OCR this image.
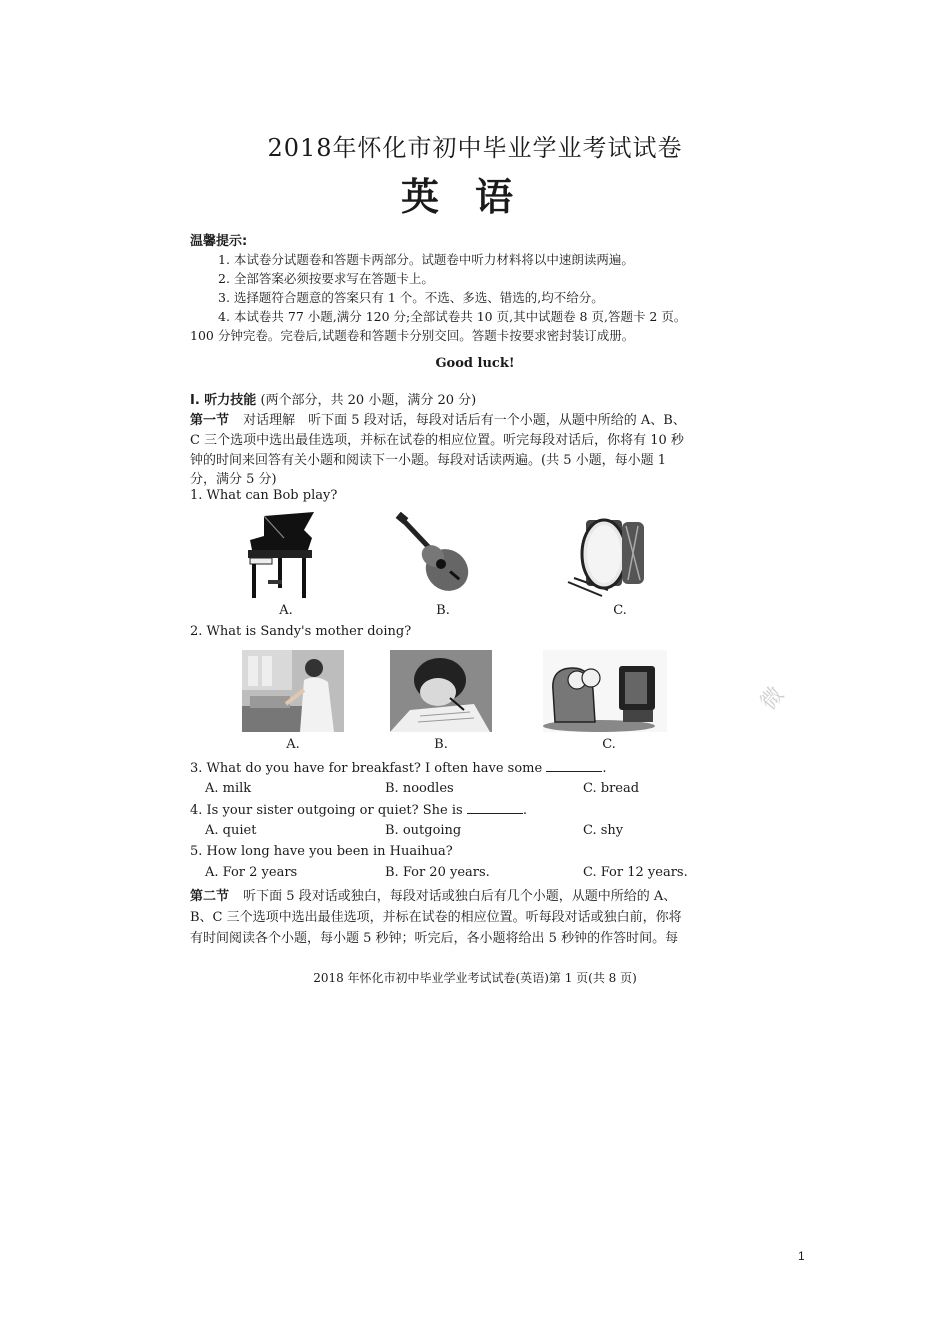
2018年怀化市初中毕业学业考试试卷
英语
温馨提示:
1. 本试卷分试题卷和答题卡两部分。试题卷中听力材料将以中速朗读两遍。
2. 全部答案必须按要求写在答题卡上。
3. 选择题符合题意的答案只有 1 个。不选、多选、错选的,均不给分。
4. 本试卷共 77 小题,满分 120 分;全部试卷共 10 页,其中试题卷 8 页,答题卡 2 页。
100 分钟完卷。完卷后,试题卷和答题卡分别交回。答题卡按要求密封装订成册。
Good luck!
I. 听力技能 (两个部分，共 20 小题，满分 20 分)
第一节 对话理解　听下面 5 段对话，每段对话后有一个小题，从题中所给的 A、B、
C 三个选项中选出最佳选项，并标在试卷的相应位置。听完每段对话后，你将有 10 秒
钟的时间来回答有关小题和阅读下一小题。每段对话读两遍。(共 5 小题，每小题 1
分，满分 5 分)
1. What can Bob play?
A.	B.	C.
2. What is Sandy's mother doing?
A.	B.	C.
3. What do you have for breakfast? I often have some	.
A. milk	B. noodles	C. bread
4. Is your sister outgoing or quiet? She is	.
A. quiet	B. outgoing	C. shy
5. How long have you been in Huaihua?
A. For 2 years	B. For 20 years.	C. For 12 years.
第二节 听下面 5 段对话或独白，每段对话或独白后有几个小题，从题中所给的 A、
B、C 三个选项中选出最佳选项，并标在试卷的相应位置。听每段对话或独白前，你将
有时间阅读各个小题，每小题 5 秒钟；听完后，各小题将给出 5 秒钟的作答时间。每
2018 年怀化市初中毕业学业考试试卷(英语)第 1 页(共 8 页)
微
1
